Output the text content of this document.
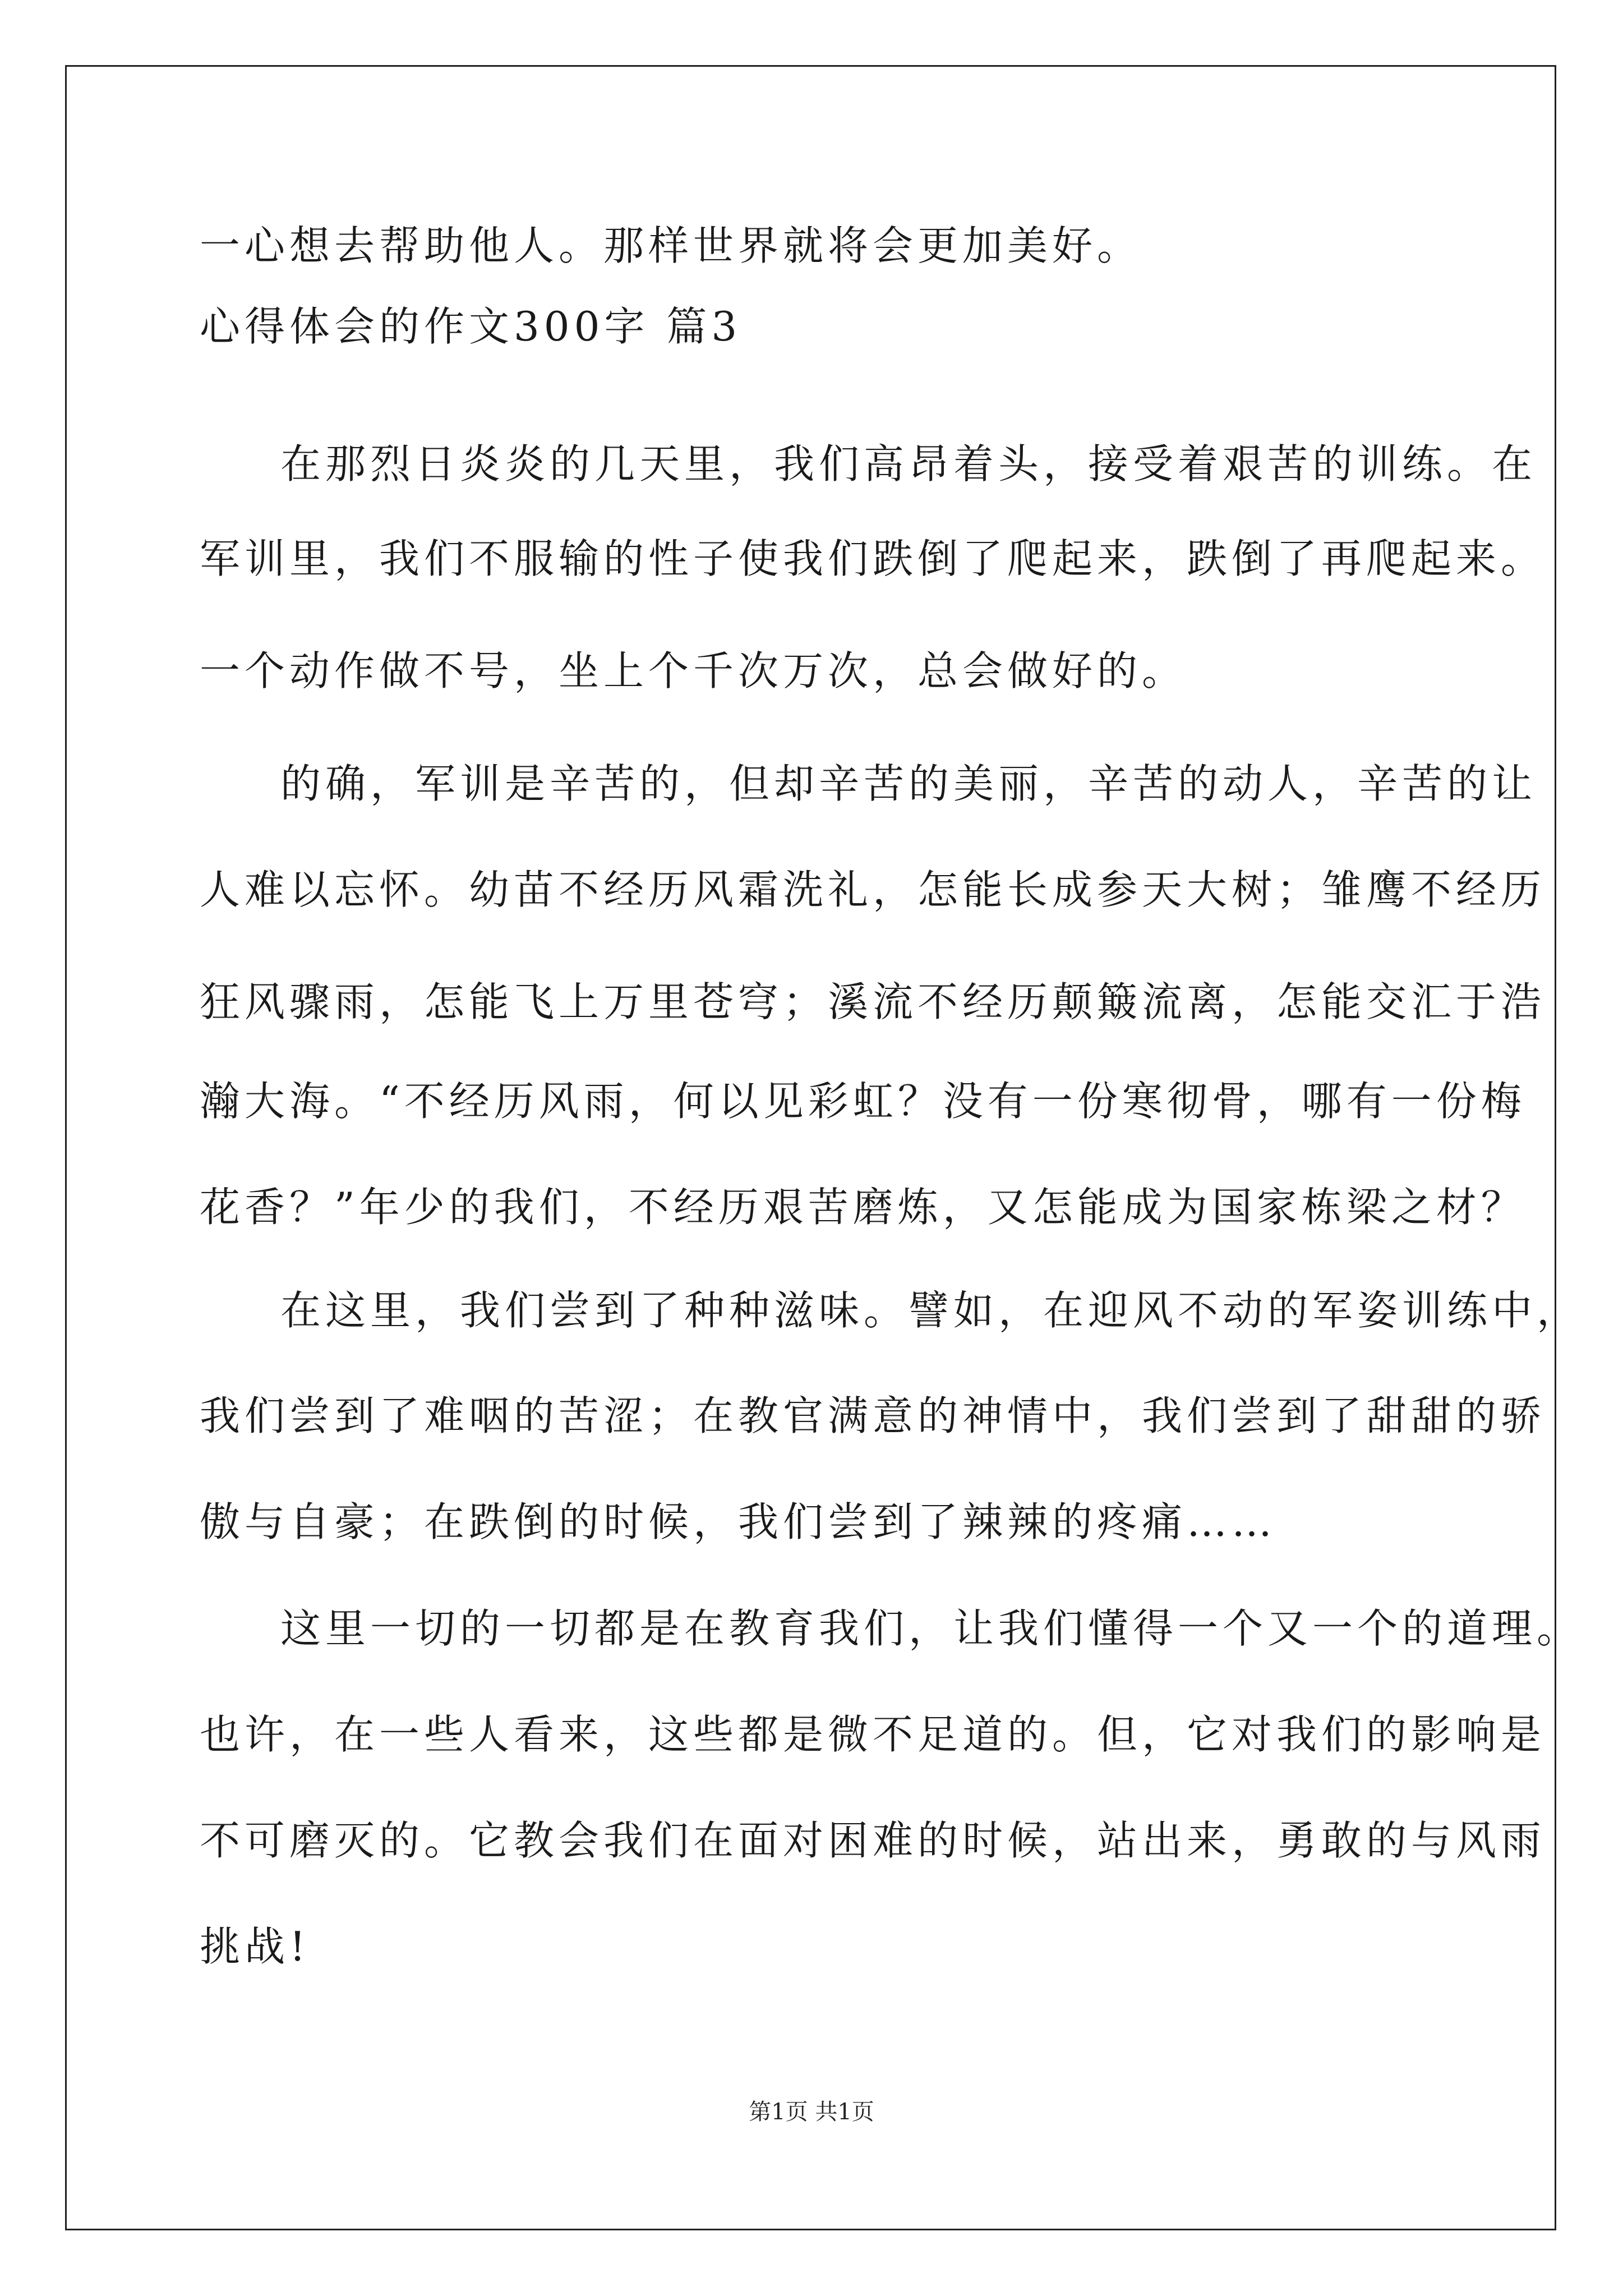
一心想去帮助他人。那样世界就将会更加美好。
心得体会的作文300字 篇3
在那烈日炎炎的几天里，我们高昂着头，接受着艰苦的训练。在
军训里，我们不服输的性子使我们跌倒了爬起来，跌倒了再爬起来。
一个动作做不号，坐上个千次万次，总会做好的。
的确，军训是辛苦的，但却辛苦的美丽，辛苦的动人，辛苦的让
人难以忘怀。幼苗不经历风霜洗礼，怎能长成参天大树；雏鹰不经历
狂风骤雨，怎能飞上万里苍穹；溪流不经历颠簸流离，怎能交汇于浩
瀚大海。“不经历风雨，何以见彩虹？没有一份寒彻骨，哪有一份梅
花香？”年少的我们，不经历艰苦磨炼，又怎能成为国家栋梁之材？
在这里，我们尝到了种种滋味。譬如，在迎风不动的军姿训练中，
我们尝到了难咽的苦涩；在教官满意的神情中，我们尝到了甜甜的骄
傲与自豪；在跌倒的时候，我们尝到了辣辣的疼痛……
这里一切的一切都是在教育我们，让我们懂得一个又一个的道理。
也许，在一些人看来，这些都是微不足道的。但，它对我们的影响是
不可磨灭的。它教会我们在面对困难的时候，站出来，勇敢的与风雨
挑战!
第1页 共1页
